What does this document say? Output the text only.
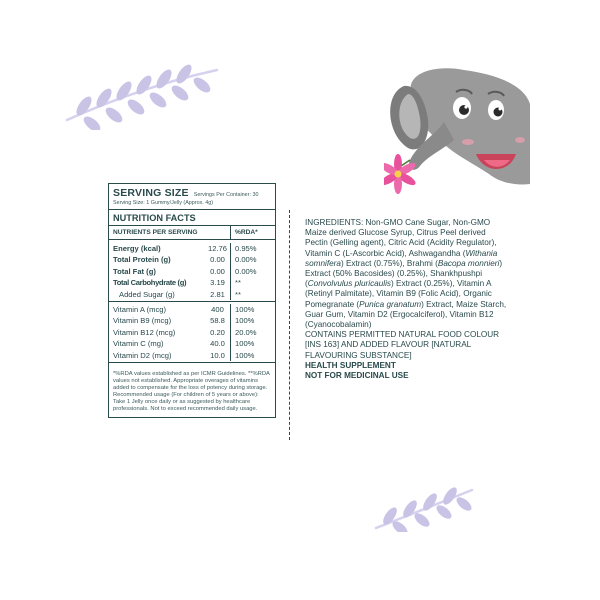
SERVING SIZE Servings Per Container: 30
Serving Size: 1 Gummy/Jelly (Approx. 4g)
NUTRITION FACTS
NUTRIENTS PER SERVING	%RDA*
Energy (kcal)	12.76	0.95%
Total Protein (g)	0.00	0.00%
Total Fat (g)	0.00	0.00%
Total Carbohydrate (g)	3.19	**
Added Sugar (g)	2.81	**
Vitamin A (mcg)	400	100%
Vitamin B9 (mcg)	58.8	100%
Vitamin B12 (mcg)	0.20	20.0%
Vitamin C (mg)	40.0	100%
Vitamin D2 (mcg)	10.0	100%
*%RDA values established as per ICMR Guidelines. **%RDA values not established. Appropriate overages of vitamins added to compensate for the loss of potency during storage. Recommended usage (For children of 5 years or above): Take 1 Jelly once daily or as suggested by healthcare professionals. Not to exceed recommended daily usage.
INGREDIENTS: Non-GMO Cane Sugar, Non-GMO Maize derived Glucose Syrup, Citrus Peel derived Pectin (Gelling agent), Citric Acid (Acidity Regulator), Vitamin C (L-Ascorbic Acid), Ashwagandha (Withania somnifera) Extract (0.75%), Brahmi (Bacopa monnieri) Extract (50% Bacosides) (0.25%), Shankhpushpi (Convolvulus pluricaulis) Extract (0.25%), Vitamin A (Retinyl Palmitate), Vitamin B9 (Folic Acid), Organic Pomegranate (Punica granatum) Extract, Maize Starch, Guar Gum, Vitamin D2 (Ergocalciferol), Vitamin B12 (Cyanocobalamin)
CONTAINS PERMITTED NATURAL FOOD COLOUR [INS 163] AND ADDED FLAVOUR [NATURAL FLAVOURING SUBSTANCE]
HEALTH SUPPLEMENT
NOT FOR MEDICINAL USE
